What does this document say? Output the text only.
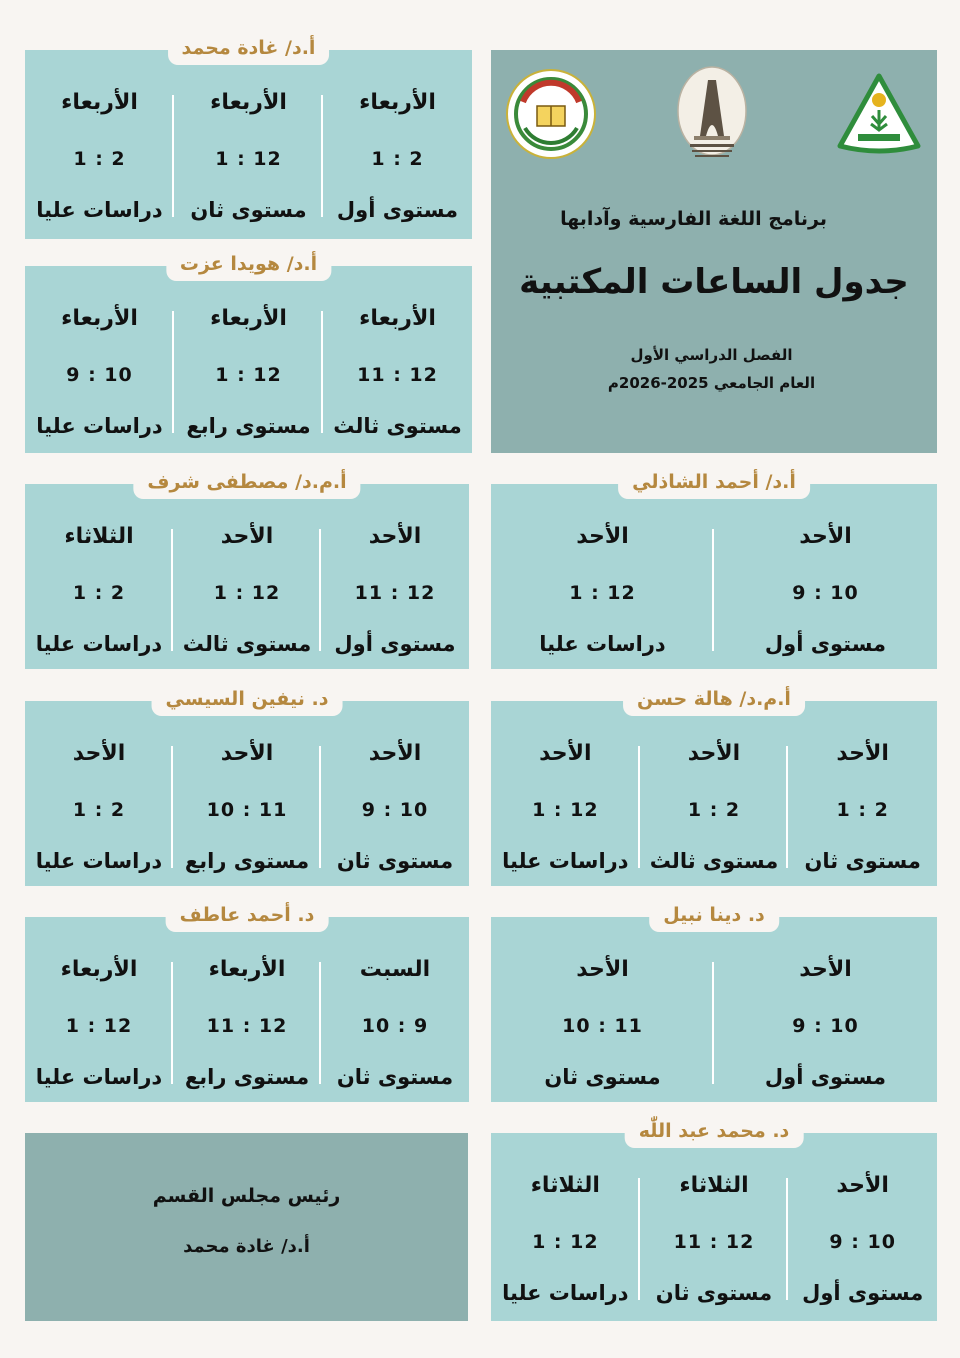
برنامج اللغة الفارسية وآدابها
جدول الساعات المكتبية
الفصل الدراسي الأول
العام الجامعي 2025-2026م
الأربعاء
2 : 1
مستوى أول
الأربعاء
12 : 1
مستوى ثان
الأربعاء
2 : 1
دراسات عليا
أ.د/ غادة محمد
الأربعاء
12 : 11
مستوى ثالث
الأربعاء
12 : 1
مستوى رابع
الأربعاء
10 : 9
دراسات عليا
أ.د/ هويدا عزت
الأحد
12 : 11
مستوى أول
الأحد
12 : 1
مستوى ثالث
الثلاثاء
2 : 1
دراسات عليا
أ.م.د/ مصطفى شرف
الأحد
10 : 9
مستوى أول
الأحد
12 : 1
دراسات عليا
أ.د/ أحمد الشاذلي
الأحد
10 : 9
مستوى ثان
الأحد
11 : 10
مستوى رابع
الأحد
2 : 1
دراسات عليا
د. نيفين السيسي
الأحد
2 : 1
مستوى ثان
الأحد
2 : 1
مستوى ثالث
الأحد
12 : 1
دراسات عليا
أ.م.د/ هالة حسن
السبت
9 : 10
مستوى ثان
الأربعاء
12 : 11
مستوى رابع
الأربعاء
12 : 1
دراسات عليا
د. أحمد عاطف
الأحد
10 : 9
مستوى أول
الأحد
11 : 10
مستوى ثان
د. دينا نبيل
رئيس مجلس القسم
أ.د/ غادة محمد
الأحد
10 : 9
مستوى أول
الثلاثاء
12 : 11
مستوى ثان
الثلاثاء
12 : 1
دراسات عليا
د. محمد عبد اللّٰه
